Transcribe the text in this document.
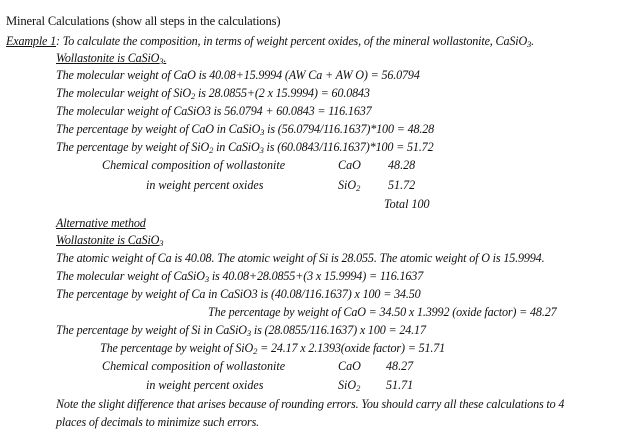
Mineral Calculations (show all steps in the calculations)
Example 1: To calculate the composition, in terms of weight percent oxides, of the mineral wollastonite, CaSiO$_3$.
Wollastonite is CaSiO$_3$.
The molecular weight of CaO is 40.08+15.9994 (AW Ca + AW O) = 56.0794
The molecular weight of SiO$_2$ is 28.0855+(2 x 15.9994) = 60.0843
The molecular weight of CaSiO3 is 56.0794 + 60.0843 = 116.1637
The percentage by weight of CaO in CaSiO$_3$ is (56.0794/116.1637)*100 = 48.28
The percentage by weight of SiO$_2$ in CaSiO$_3$ is (60.0843/116.1637)*100 = 51.72
Chemical composition of wollastonite
in weight percent oxides
CaO 48.28
SiO$_2$ 51.72
Total 100
Alternative method
Wollastonite is CaSiO$_3$
The atomic weight of Ca is 40.08. The atomic weight of Si is 28.055. The atomic weight of O is 15.9994.
The molecular weight of CaSiO$_3$ is 40.08+28.0855+(3 x 15.9994) = 116.1637
The percentage by weight of Ca in CaSiO3 is (40.08/116.1637) x 100 = 34.50
The percentage by weight of CaO = 34.50 x 1.3992 (oxide factor) = 48.27
The percentage by weight of Si in CaSiO$_3$ is (28.0855/116.1637) x 100 = 24.17
The percentage by weight of SiO$_2$ = 24.17 x 2.1393(oxide factor) = 51.71
Chemical composition of wollastonite
in weight percent oxides
CaO 48.27
SiO$_2$ 51.71
Note the slight difference that arises because of rounding errors. You should carry all these calculations to 4
places of decimals to minimize such errors.
